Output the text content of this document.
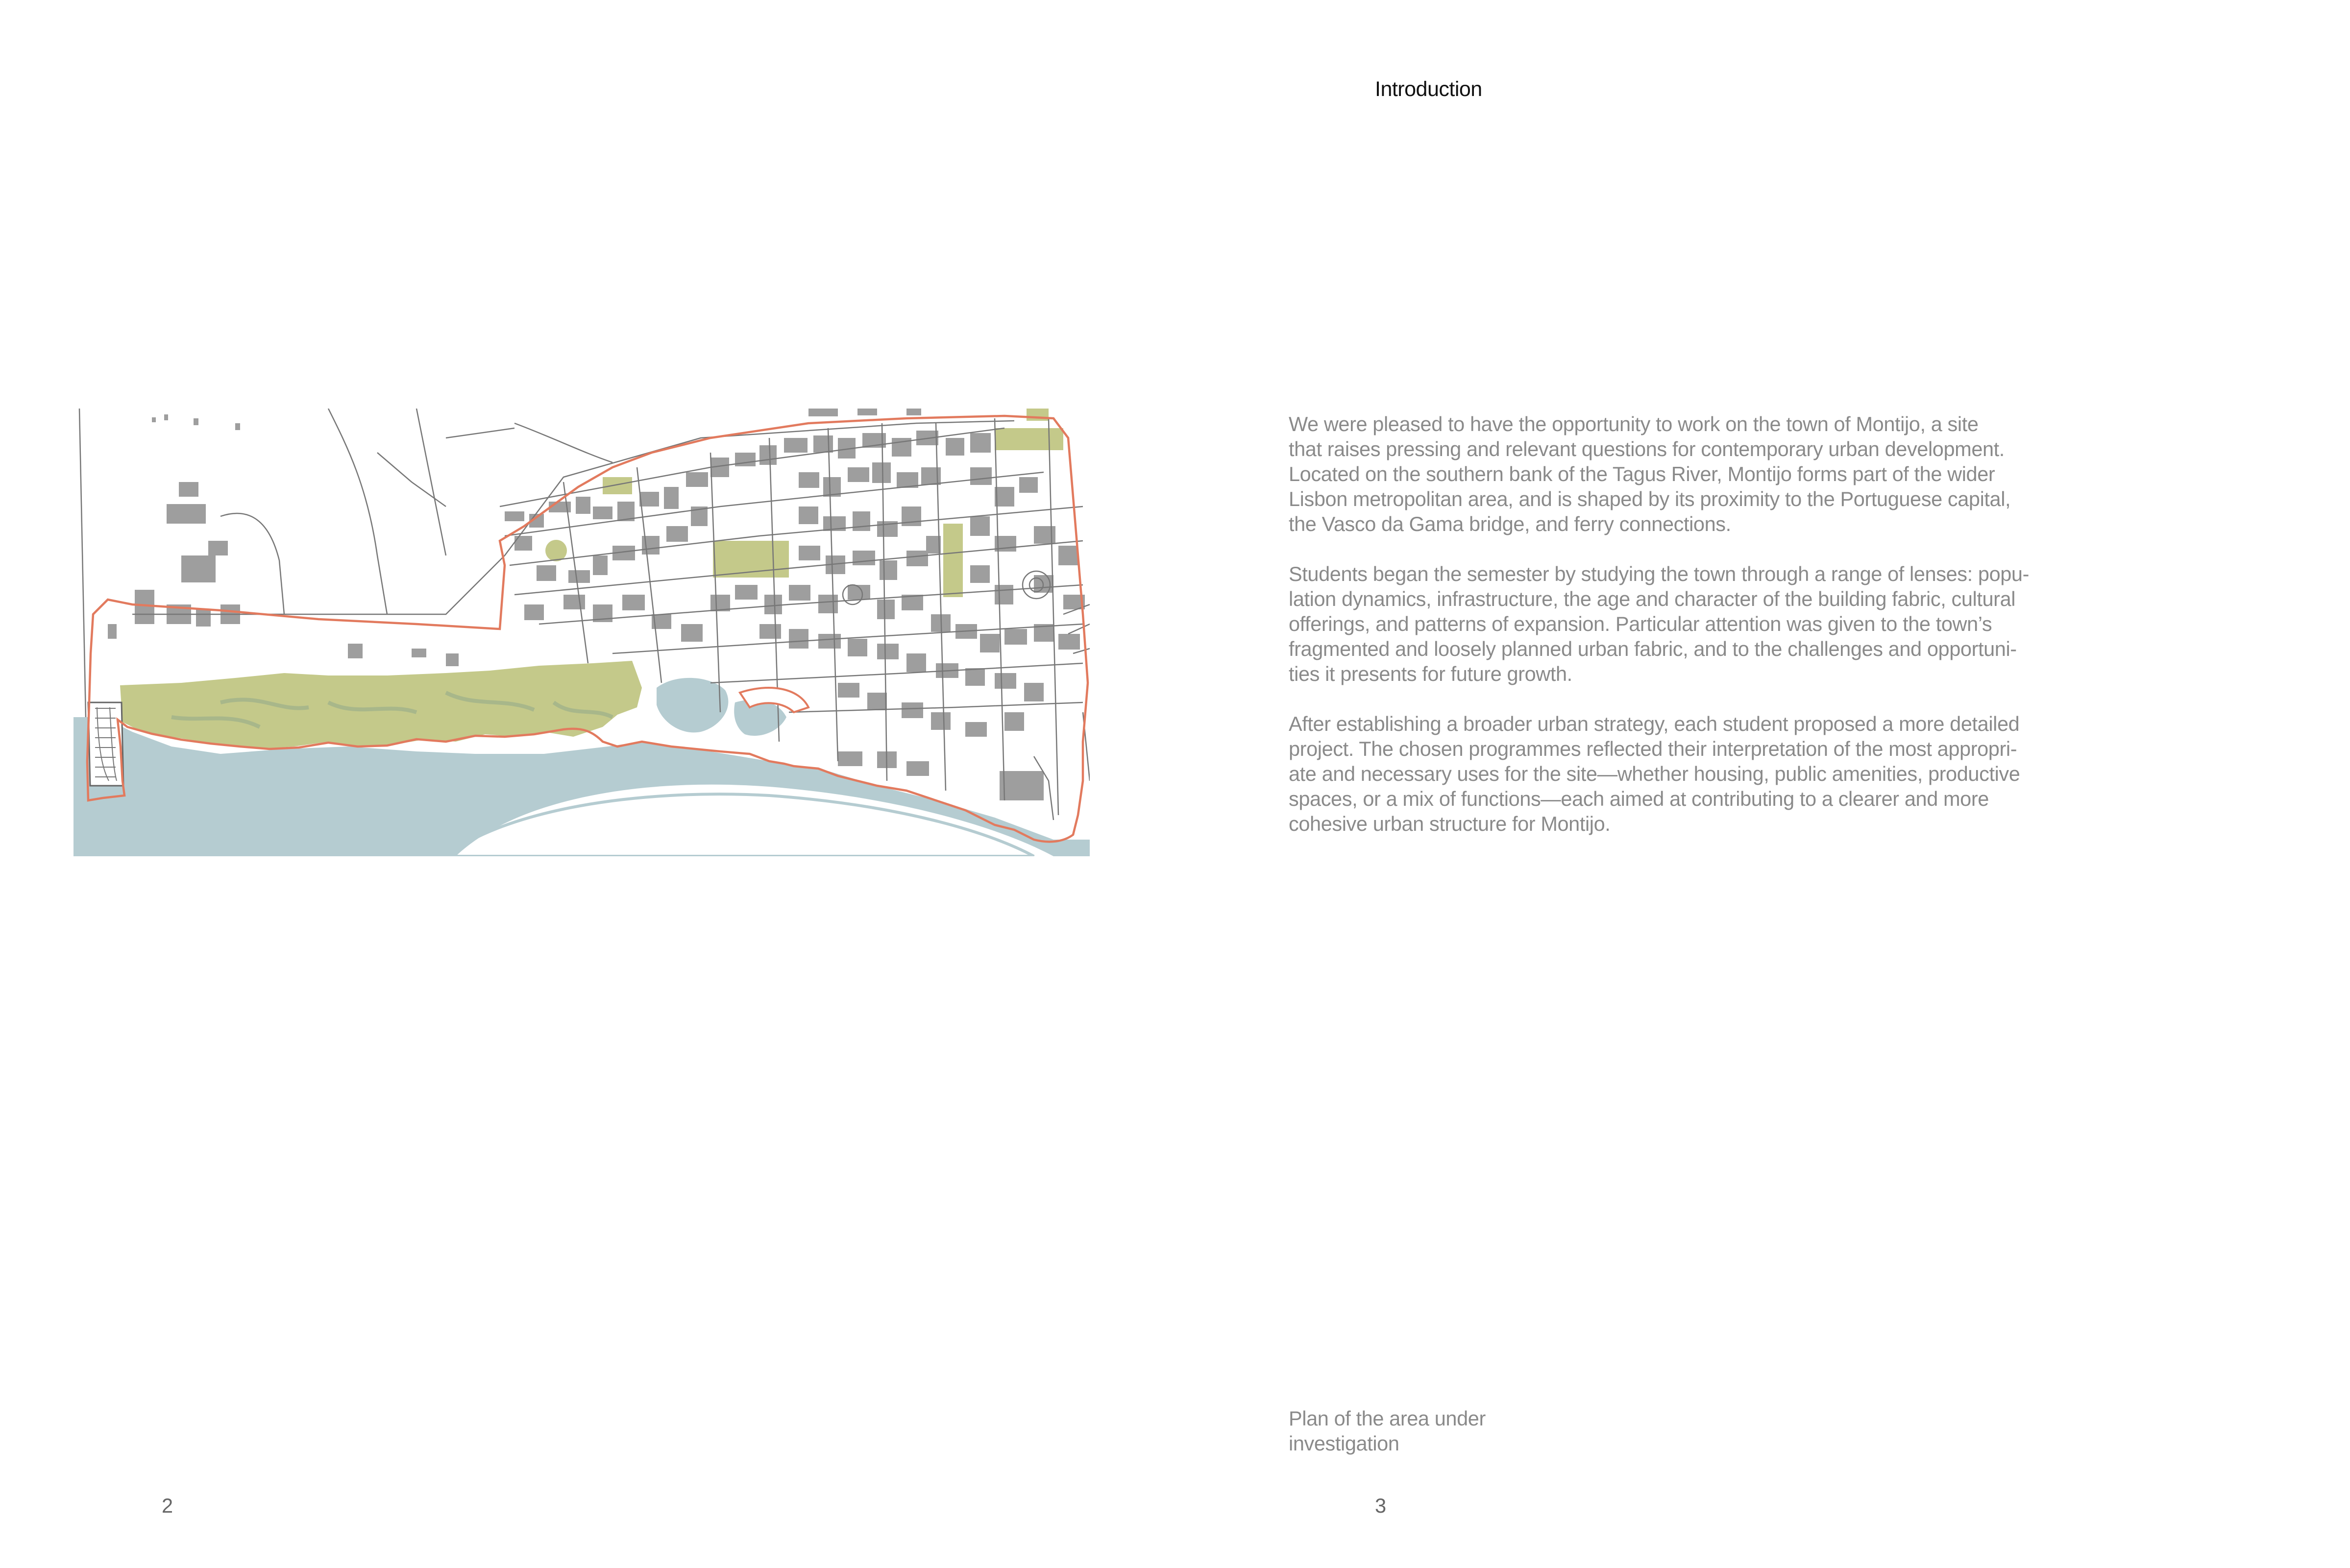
Introduction

We were pleased to have the opportunity to work on the town of Montijo, a site
that raises pressing and relevant questions for contemporary urban development.
Located on the southern bank of the Tagus River, Montijo forms part of the wider
Lisbon metropolitan area, and is shaped by its proximity to the Portuguese capital,
the Vasco da Gama bridge, and ferry connections.

Students began the semester by studying the town through a range of lenses: popu-
lation dynamics, infrastructure, the age and character of the building fabric, cultural
offerings, and patterns of expansion. Particular attention was given to the town’s
fragmented and loosely planned urban fabric, and to the challenges and opportuni-
ties it presents for future growth.

After establishing a broader urban strategy, each student proposed a more detailed
project. The chosen programmes reflected their interpretation of the most appropri-
ate and necessary uses for the site—whether housing, public amenities, productive
spaces, or a mix of functions—each aimed at contributing to a clearer and more
cohesive urban structure for Montijo.

Plan of the area under
investigation
2	3
